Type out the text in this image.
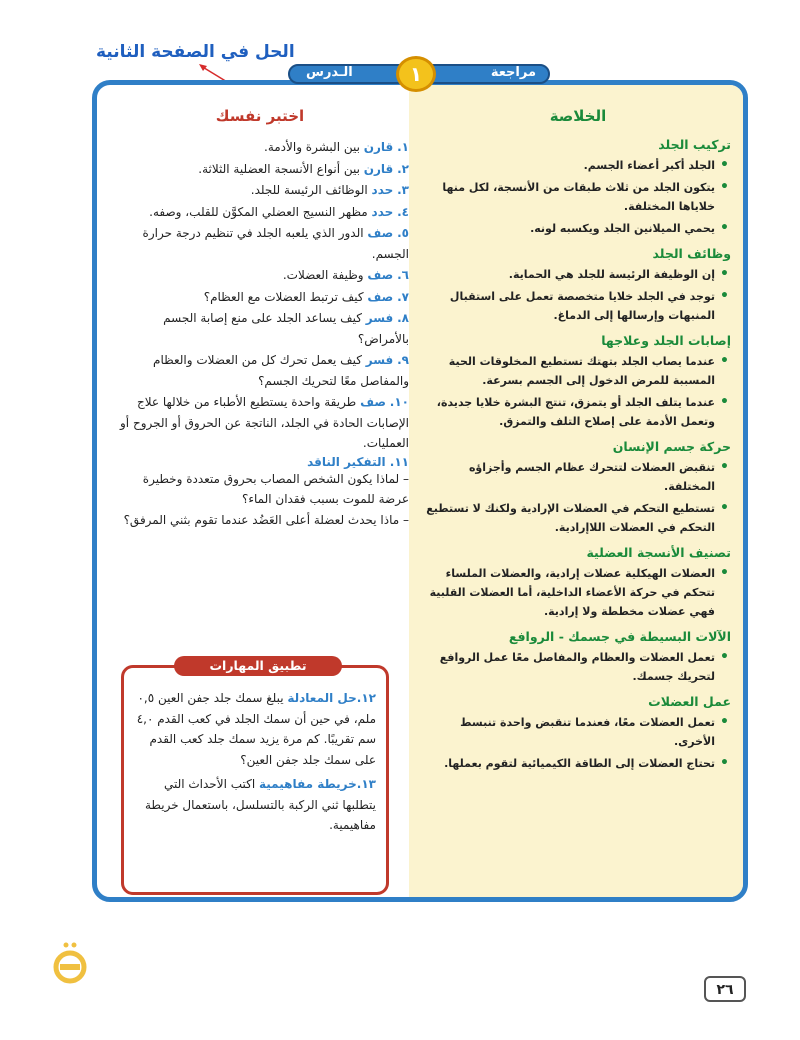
الحل في الصفحة الثانية
الخلاصة
تركيب الجلد
• الجلد أكبر أعضاء الجسم.
• يتكون الجلد من ثلاث طبقات من الأنسجة، لكل منها خلاياها المختلفة.
• يحمي الميلانين الجلد ويكسبه لونه.
وظائف الجلد
• إن الوظيفة الرئيسة للجلد هي الحماية.
• توجد في الجلد خلايا متخصصة تعمل على استقبال المنبهات وإرسالها إلى الدماغ.
إصابات الجلد وعلاجها
• عندما يصاب الجلد بتهتك تستطيع المخلوقات الحية المسببة للمرض الدخول إلى الجسم بسرعة.
• عندما يتلف الجلد أو يتمزق، تنتج البشرة خلايا جديدة، وتعمل الأدمة على إصلاح التلف والتمزق.
حركة جسم الإنسان
• تنقبض العضلات لتتحرك عظام الجسم وأجزاؤه المختلفة.
• تستطيع التحكم في العضلات الإرادية ولكنك لا تستطيع التحكم في العضلات اللاإرادية.
تصنيف الأنسجة العضلية
• العضلات الهيكلية عضلات إرادية، والعضلات الملساء تتحكم في حركة الأعضاء الداخلية، أما العضلات القلبية فهي عضلات مخططة ولا إرادية.
الآلات البسيطة في جسمك - الروافع
• تعمل العضلات والعظام والمفاصل معًا عمل الروافع لتحريك جسمك.
عمل العضلات
• تعمل العضلات معًا، فعندما تنقبض واحدة تنبسط الأخرى.
• تحتاج العضلات إلى الطاقة الكيميائية لتقوم بعملها.
اختبر نفسك
١. قارن بين البشرة والأدمة.
٢. قارن بين أنواع الأنسجة العضلية الثلاثة.
٣. حدد الوظائف الرئيسة للجلد.
٤. حدد مظهر النسيج العضلي المكوَّن للقلب، وصفه.
٥. صف الدور الذي يلعبه الجلد في تنظيم درجة حرارة الجسم.
٦. صف وظيفة العضلات.
٧. صف كيف ترتبط العضلات مع العظام؟
٨. فسر كيف يساعد الجلد على منع إصابة الجسم بالأمراض؟
٩. فسر كيف يعمل تحرك كل من العضلات والعظام والمفاصل معًا لتحريك الجسم؟
١٠. صف طريقة واحدة يستطيع الأطباء من خلالها علاج الإصابات الحادة في الجلد، الناتجة عن الحروق أو الجروح أو العمليات.
١١. التفكير الناقد
– لماذا يكون الشخص المصاب بحروق متعددة وخطيرة عرضة للموت بسبب فقدان الماء؟
– ماذا يحدث لعضلة أعلى العَضُد عندما تقوم بثني المرفق؟
تطبيق المهارات

١٢.حل المعادلة يبلغ سمك جلد جفن العين ٠,٥ ملم، في حين أن سمك الجلد في كعب القدم ٤,٠ سم تقريبًا. كم مرة يزيد سمك جلد كعب القدم على سمك جلد جفن العين؟

١٣.خريطة مفاهيمية اكتب الأحداث التي يتطلبها ثني الركبة بالتسلسل، باستعمال خريطة مفاهيمية.

مراجعة
١
الـدرس
٢٦
